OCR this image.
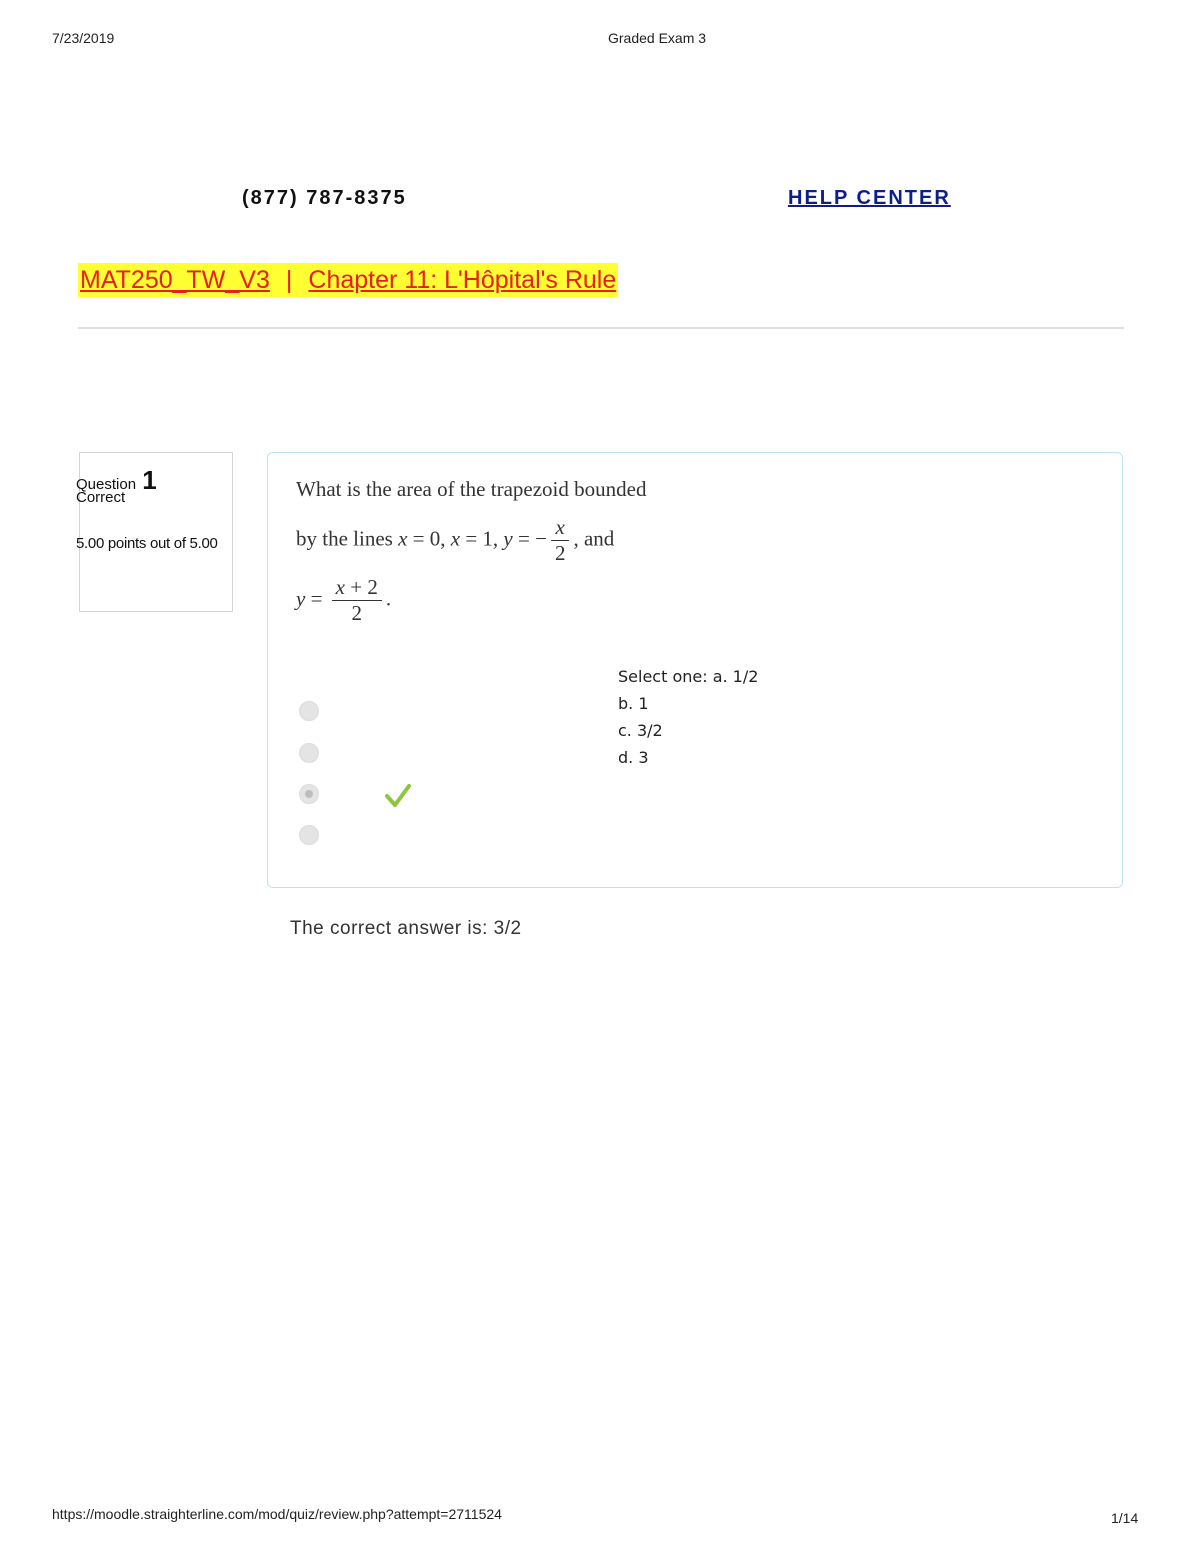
7/23/2019	Graded Exam 3
(877) 787-8375	HELP CENTER
MAT250_TW_V3 | Chapter 11: L'Hôpital's Rule
Question 1
Correct
5.00 points out of 5.00
What is the area of the trapezoid bounded
by the lines x = 0, x = 1, y = − $\frac{x}{2}$ , and
$y = \frac{x + 2}{2}$ .
Select one: a. 1/2
b. 1
c. 3/2
d. 3
The correct answer is: 3/2
https://moodle.straighterline.com/mod/quiz/review.php?attempt=2711524	1/14
